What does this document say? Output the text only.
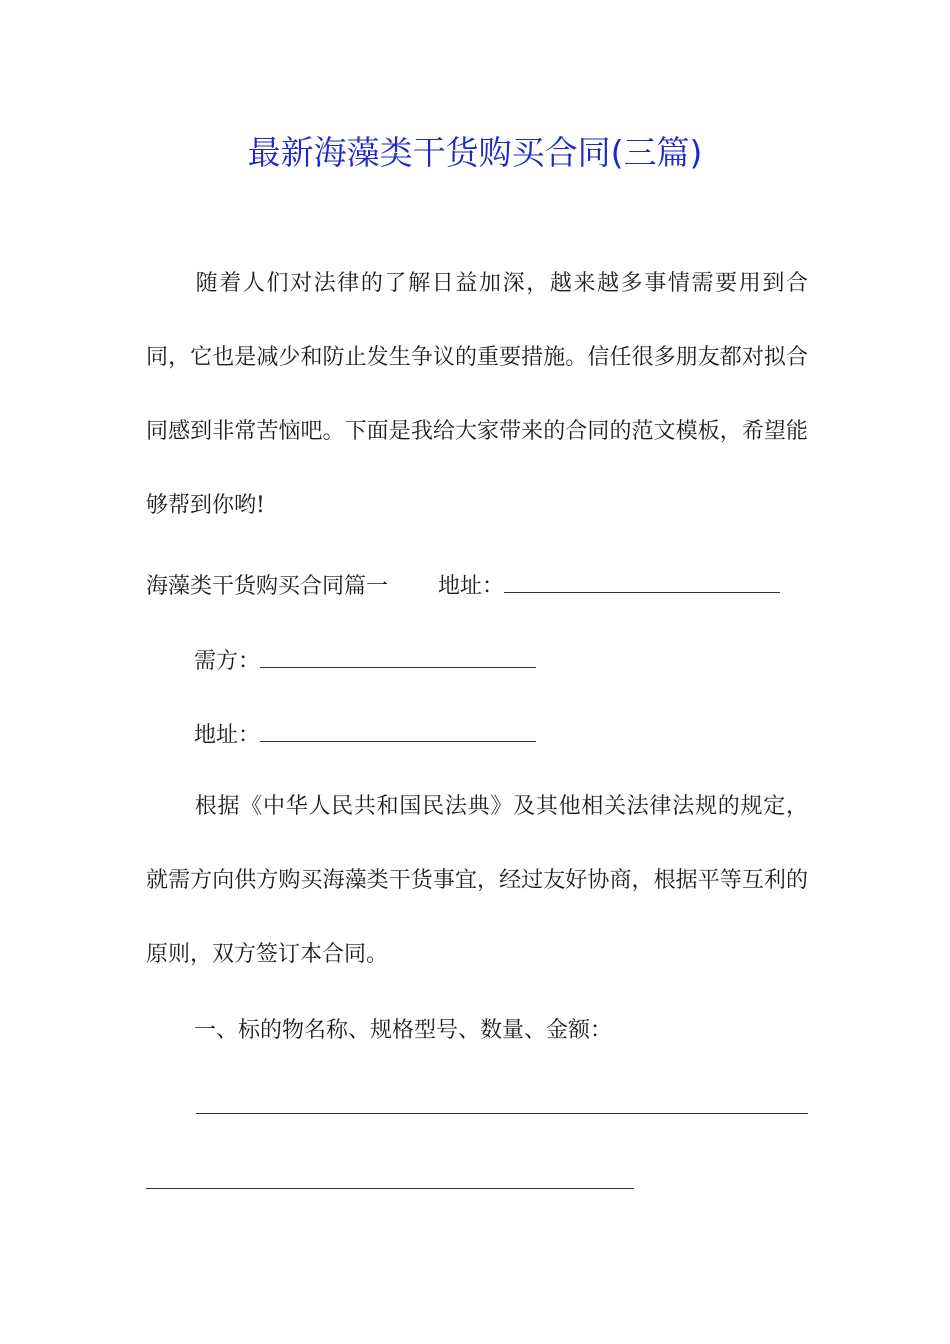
最新海藻类干货购买合同(三篇)

随着人们对法律的了解日益加深，越来越多事情需要用到合同，它也是减少和防止发生争议的重要措施。信任很多朋友都对拟合同感到非常苦恼吧。下面是我给大家带来的合同的范文模板，希望能够帮到你哟!

海藻类干货购买合同篇一 地址：
需方：
地址：

根据《中华人民共和国民法典》及其他相关法律法规的规定，就需方向供方购买海藻类干货事宜，经过友好协商，根据平等互利的原则，双方签订本合同。

一、标的物名称、规格型号、数量、金额：
